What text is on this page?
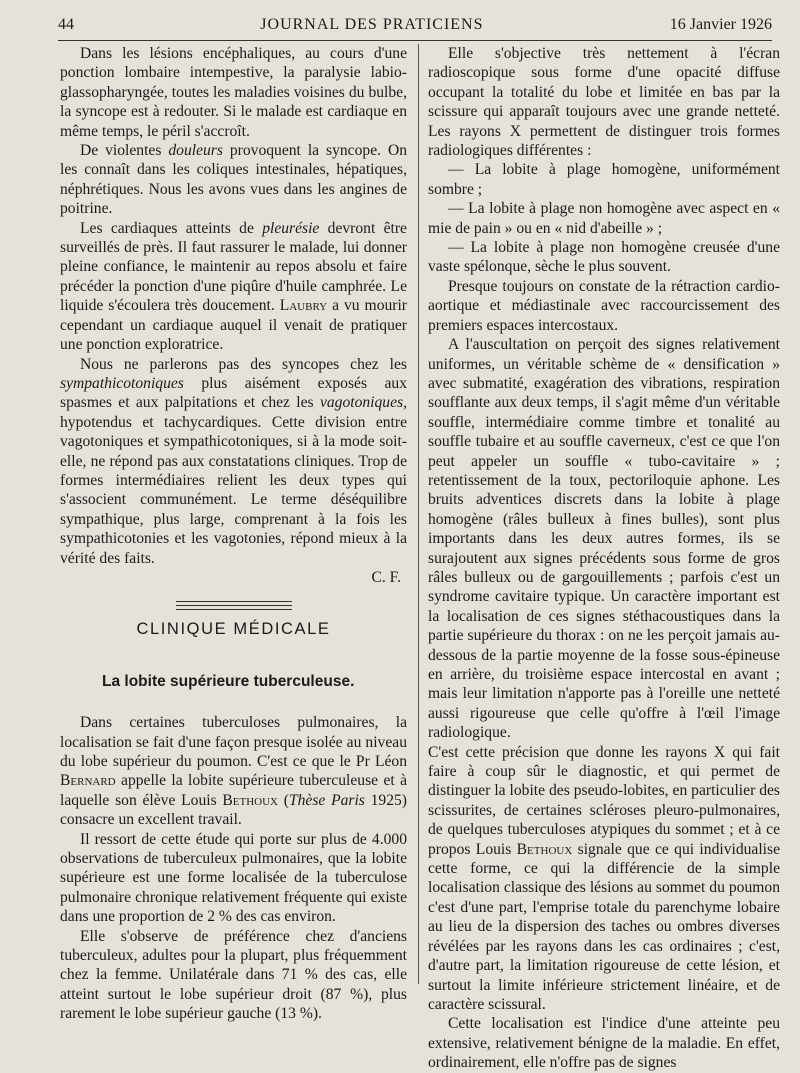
44	JOURNAL DES PRATICIENS	16 Janvier 1926

Dans les lésions encéphaliques, au cours d'une ponction lombaire intempestive, la paralysie labio-glassopharyngée, toutes les maladies voisines du bulbe, la syncope est à redouter. Si le malade est cardiaque en même temps, le péril s'accroît.

De violentes douleurs provoquent la syncope. On les connaît dans les coliques intestinales, hépatiques, néphrétiques. Nous les avons vues dans les angines de poitrine.

Les cardiaques atteints de pleurésie devront être surveillés de près. Il faut rassurer le malade, lui donner pleine confiance, le maintenir au repos absolu et faire précéder la ponction d'une piqûre d'huile camphrée. Le liquide s'écoulera très doucement. Laubry a vu mourir cependant un cardiaque auquel il venait de pratiquer une ponction exploratrice.

Nous ne parlerons pas des syncopes chez les sympathicotoniques plus aisément exposés aux spasmes et aux palpitations et chez les vagotoniques, hypotendus et tachycardiques. Cette division entre vagotoniques et sympathicotoniques, si à la mode soit-elle, ne répond pas aux constatations cliniques. Trop de formes intermédiaires relient les deux types qui s'associent communément. Le terme déséquilibre sympathique, plus large, comprenant à la fois les sympathicotonies et les vagotonies, répond mieux à la vérité des faits.

C. F.

CLINIQUE MÉDICALE
La lobite supérieure tuberculeuse.

Dans certaines tuberculoses pulmonaires, la localisation se fait d'une façon presque isolée au niveau du lobe supérieur du poumon. C'est ce que le Pr Léon Bernard appelle la lobite supérieure tuberculeuse et à laquelle son élève Louis Bethoux (Thèse Paris 1925) consacre un excellent travail.

Il ressort de cette étude qui porte sur plus de 4.000 observations de tuberculeux pulmonaires, que la lobite supérieure est une forme localisée de la tuberculose pulmonaire chronique relativement fréquente qui existe dans une proportion de 2 % des cas environ.

Elle s'observe de préférence chez d'anciens tuberculeux, adultes pour la plupart, plus fréquemment chez la femme. Unilatérale dans 71 % des cas, elle atteint surtout le lobe supérieur droit (87 %), plus rarement le lobe supérieur gauche (13 %).

Elle s'objective très nettement à l'écran radioscopique sous forme d'une opacité diffuse occupant la totalité du lobe et limitée en bas par la scissure qui apparaît toujours avec une grande netteté. Les rayons X permettent de distinguer trois formes radiologiques différentes :

— La lobite à plage homogène, uniformément sombre ;

— La lobite à plage non homogène avec aspect en « mie de pain » ou en « nid d'abeille » ;

— La lobite à plage non homogène creusée d'une vaste spélonque, sèche le plus souvent.

Presque toujours on constate de la rétraction cardio-aortique et médiastinale avec raccourcissement des premiers espaces intercostaux.

A l'auscultation on perçoit des signes relativement uniformes, un véritable schème de « densification » avec submatité, exagération des vibrations, respiration soufflante aux deux temps, il s'agit même d'un véritable souffle, intermédiaire comme timbre et tonalité au souffle tubaire et au souffle caverneux, c'est ce que l'on peut appeler un souffle « tubo-cavitaire » ; retentissement de la toux, pectoriloquie aphone. Les bruits adventices discrets dans la lobite à plage homogène (râles bulleux à fines bulles), sont plus importants dans les deux autres formes, ils se surajoutent aux signes précédents sous forme de gros râles bulleux ou de gargouillements ; parfois c'est un syndrome cavitaire typique. Un caractère important est la localisation de ces signes stéthacoustiques dans la partie supérieure du thorax : on ne les perçoit jamais au-dessous de la partie moyenne de la fosse sous-épineuse en arrière, du troisième espace intercostal en avant ; mais leur limitation n'apporte pas à l'oreille une netteté aussi rigoureuse que celle qu'offre à l'œil l'image radiologique.

C'est cette précision que donne les rayons X qui fait faire à coup sûr le diagnostic, et qui permet de distinguer la lobite des pseudo-lobites, en particulier des scissurites, de certaines scléroses pleuro-pulmonaires, de quelques tuberculoses atypiques du sommet ; et à ce propos Louis Bethoux signale que ce qui individualise cette forme, ce qui la différencie de la simple localisation classique des lésions au sommet du poumon c'est d'une part, l'emprise totale du parenchyme lobaire au lieu de la dispersion des taches ou ombres diverses révélées par les rayons dans les cas ordinaires ; c'est, d'autre part, la limitation rigoureuse de cette lésion, et surtout la limite inférieure strictement linéaire, et de caractère scissural.

Cette localisation est l'indice d'une atteinte peu extensive, relativement bénigne de la maladie. En effet, ordinairement, elle n'offre pas de signes
